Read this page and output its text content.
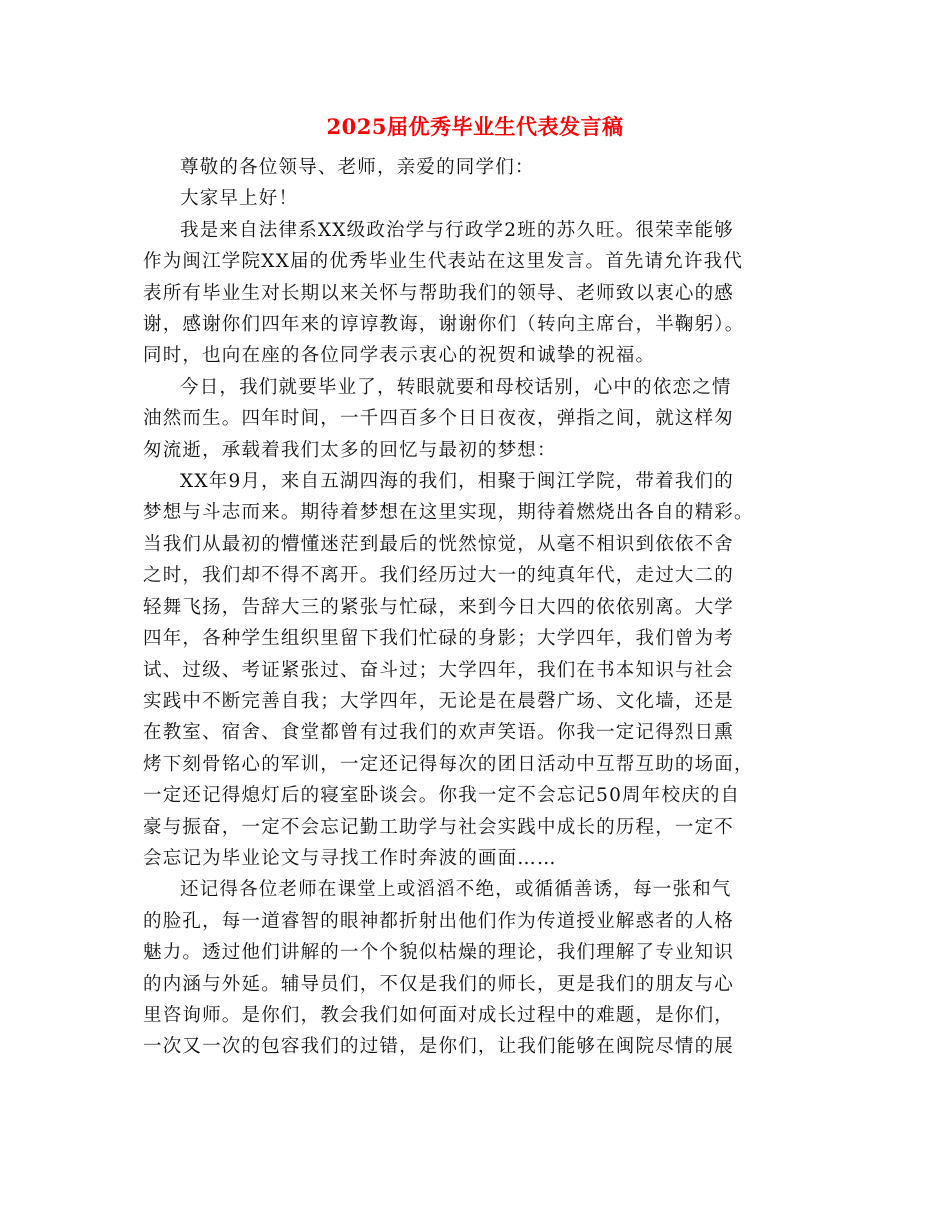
2025届优秀毕业生代表发言稿

尊敬的各位领导、老师，亲爱的同学们：

大家早上好！

我是来自法律系XX级政治学与行政学2班的苏久旺。很荣幸能够
作为闽江学院XX届的优秀毕业生代表站在这里发言。首先请允许我代
表所有毕业生对长期以来关怀与帮助我们的领导、老师致以衷心的感
谢，感谢你们四年来的谆谆教诲，谢谢你们（转向主席台，半鞠躬）。
同时，也向在座的各位同学表示衷心的祝贺和诚挚的祝福。

今日，我们就要毕业了，转眼就要和母校话别，心中的依恋之情
油然而生。四年时间，一千四百多个日日夜夜，弹指之间，就这样匆
匆流逝，承载着我们太多的回忆与最初的梦想：

XX年9月，来自五湖四海的我们，相聚于闽江学院，带着我们的
梦想与斗志而来。期待着梦想在这里实现，期待着燃烧出各自的精彩。
当我们从最初的懵懂迷茫到最后的恍然惊觉，从毫不相识到依依不舍
之时，我们却不得不离开。我们经历过大一的纯真年代，走过大二的
轻舞飞扬，告辞大三的紧张与忙碌，来到今日大四的依依别离。大学
四年，各种学生组织里留下我们忙碌的身影；大学四年，我们曾为考
试、过级、考证紧张过、奋斗过；大学四年，我们在书本知识与社会
实践中不断完善自我；大学四年，无论是在晨磬广场、文化墙，还是
在教室、宿舍、食堂都曾有过我们的欢声笑语。你我一定记得烈日熏
烤下刻骨铭心的军训，一定还记得每次的团日活动中互帮互助的场面，
一定还记得熄灯后的寝室卧谈会。你我一定不会忘记50周年校庆的自
豪与振奋，一定不会忘记勤工助学与社会实践中成长的历程，一定不
会忘记为毕业论文与寻找工作时奔波的画面……

还记得各位老师在课堂上或滔滔不绝，或循循善诱，每一张和气
的脸孔，每一道睿智的眼神都折射出他们作为传道授业解惑者的人格
魅力。透过他们讲解的一个个貌似枯燥的理论，我们理解了专业知识
的内涵与外延。辅导员们，不仅是我们的师长，更是我们的朋友与心
里咨询师。是你们，教会我们如何面对成长过程中的难题，是你们，
一次又一次的包容我们的过错，是你们，让我们能够在闽院尽情的展
